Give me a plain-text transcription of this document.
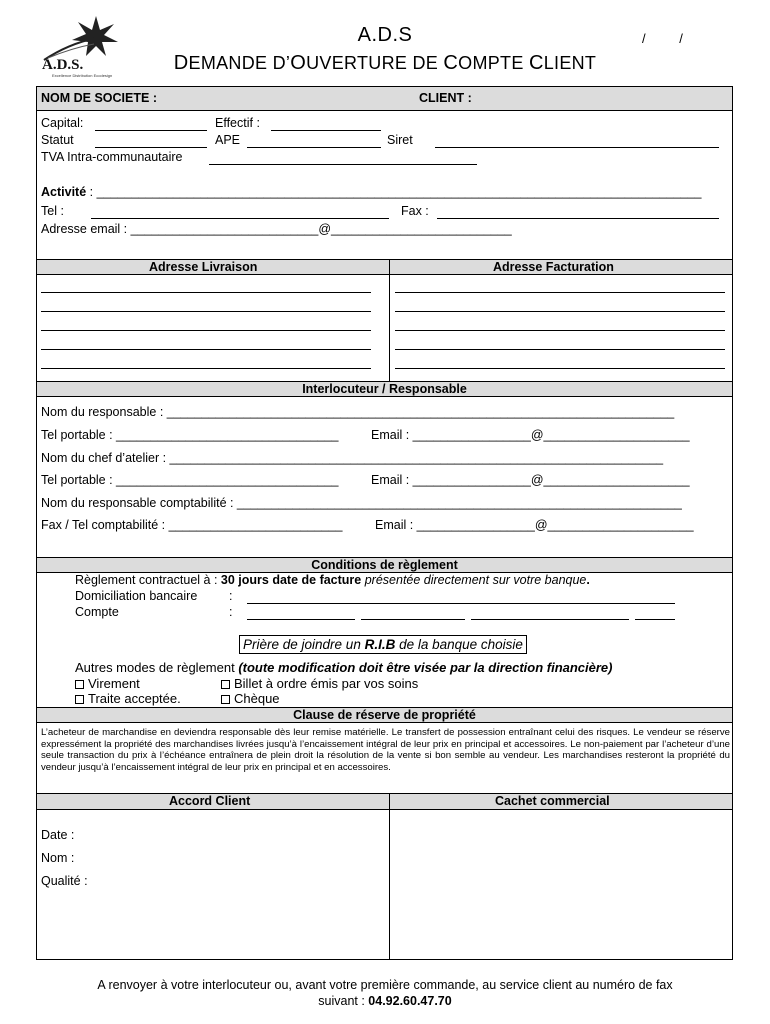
A.D.S.
Excellence Distribution Ecodesign
A.D.S	/ /
DEMANDE D’OUVERTURE DE COMPTE CLIENT
NOM DE SOCIETE :	CLIENT :
Capital:	Effectif :
Statut	APE	Siret
TVA Intra-communautaire
Activité : _______________________________________________________________________________________
Tel :	Fax :
Adresse email : ___________________________@__________________________
Adresse Livraison	Adresse Facturation
Interlocuteur / Responsable
Nom du responsable : _________________________________________________________________________
Tel portable : ________________________________	Email : _________________@_____________________
Nom du chef d’atelier : _______________________________________________________________________
Tel portable : ________________________________	Email : _________________@_____________________
Nom du responsable comptabilité : ________________________________________________________________
Fax / Tel comptabilité : _________________________	Email : _________________@_____________________
Conditions de règlement
Règlement contractuel à : 30 jours date de facture présentée directement sur votre banque.
Domiciliation bancaire	:
Compte	:
Prière de joindre un R.I.B de la banque choisie
Autres modes de règlement (toute modification doit être visée par la direction financière)
Virement	Billet à ordre émis par vos soins
Traite acceptée.	Chèque
Clause de réserve de propriété
L’acheteur de marchandise en deviendra responsable dès leur remise matérielle. Le transfert de possession entraînant celui des risques. Le vendeur se réserve expressément la propriété des marchandises livrées jusqu’à l’encaissement intégral de leur prix en principal et accessoires. Le non-paiement par l’acheteur d’une seule transaction du prix à l’échéance entraînera de plein droit la résolution de la vente si bon semble au vendeur. Les marchandises resteront la propriété du vendeur jusqu’à l’encaissement intégral de leur prix en principal et en accessoires.
Accord Client	Cachet commercial
Date :
Nom :
Qualité :
A renvoyer à votre interlocuteur ou, avant votre première commande, au service client au numéro de fax
suivant : 04.92.60.47.70
